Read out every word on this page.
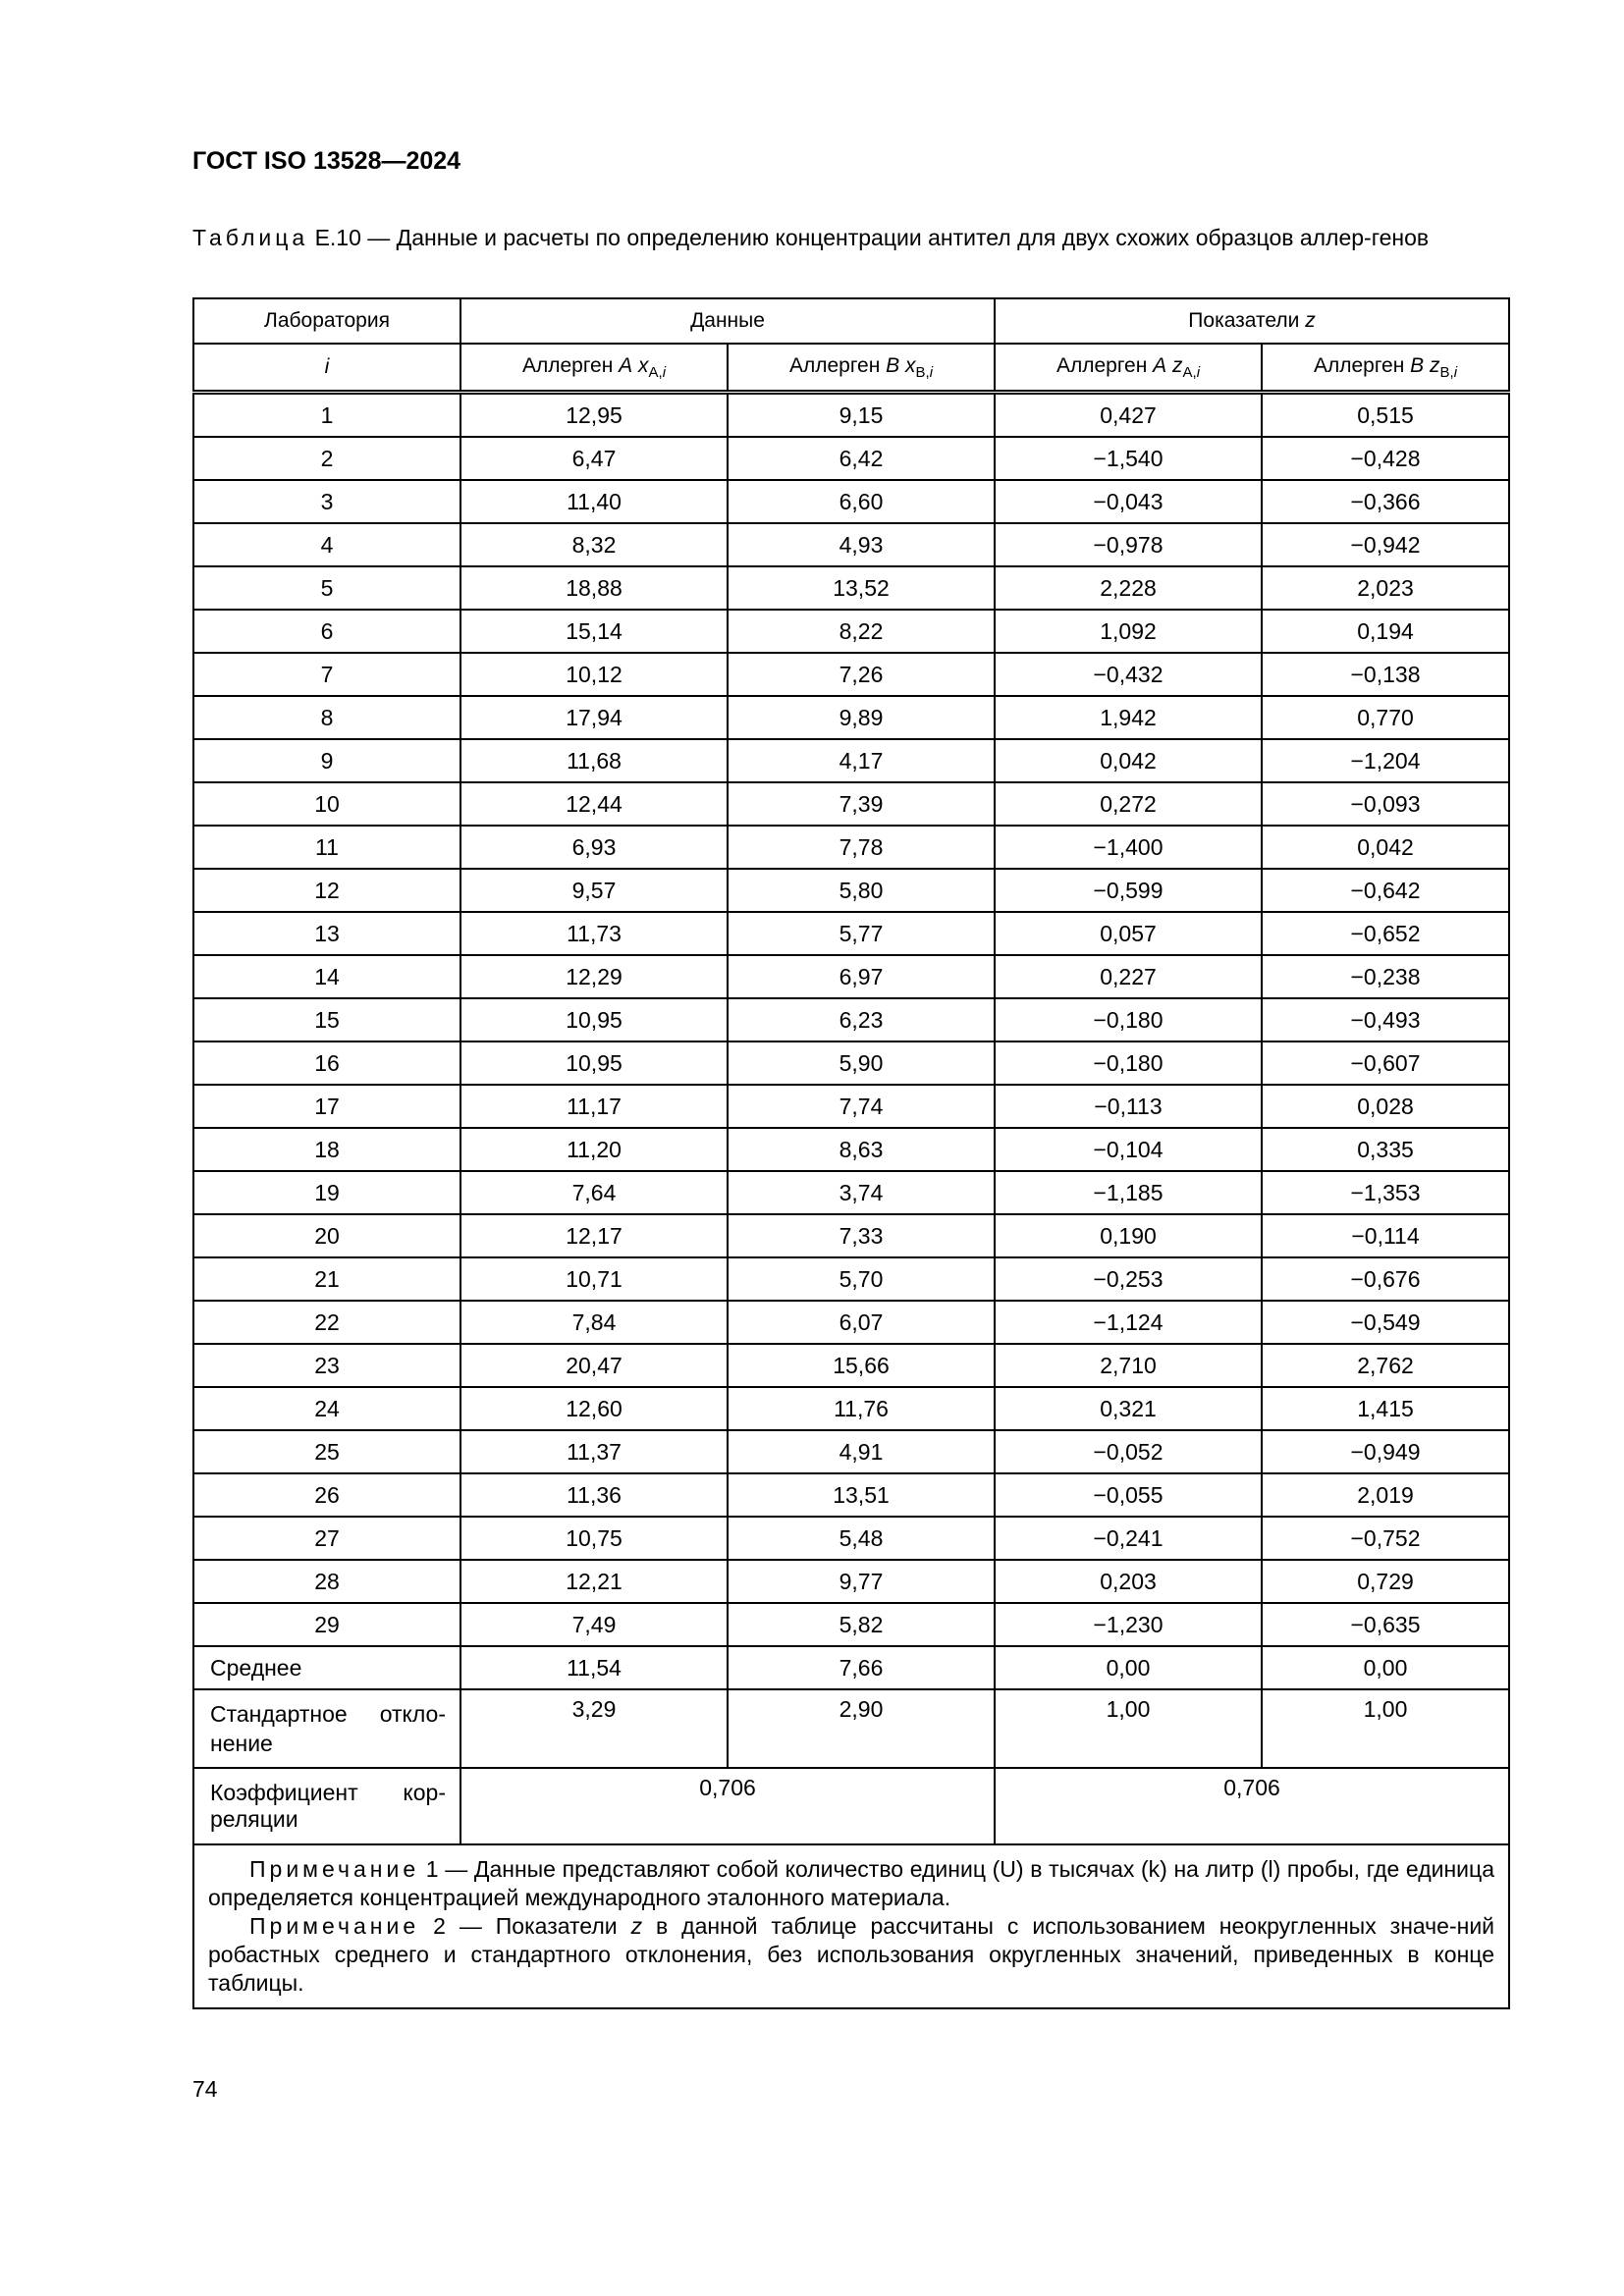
ГОСТ ISO 13528—2024
Таблица Е.10 — Данные и расчеты по определению концентрации антител для двух схожих образцов аллер-генов
Лаборатория	Данные		Показатели z	
i	Аллерген A $x_{A,i}$	Аллерген B $x_{B,i}$	Аллерген A $z_{A,i}$	Аллерген B $z_{B,i}$
1	12,95	9,15	0,427	0,515
2	6,47	6,42	−1,540	−0,428
3	11,40	6,60	−0,043	−0,366
4	8,32	4,93	−0,978	−0,942
5	18,88	13,52	2,228	2,023
6	15,14	8,22	1,092	0,194
7	10,12	7,26	−0,432	−0,138
8	17,94	9,89	1,942	0,770
9	11,68	4,17	0,042	−1,204
10	12,44	7,39	0,272	−0,093
11	6,93	7,78	−1,400	0,042
12	9,57	5,80	−0,599	−0,642
13	11,73	5,77	0,057	−0,652
14	12,29	6,97	0,227	−0,238
15	10,95	6,23	−0,180	−0,493
16	10,95	5,90	−0,180	−0,607
17	11,17	7,74	−0,113	0,028
18	11,20	8,63	−0,104	0,335
19	7,64	3,74	−1,185	−1,353
20	12,17	7,33	0,190	−0,114
21	10,71	5,70	−0,253	−0,676
22	7,84	6,07	−1,124	−0,549
23	20,47	15,66	2,710	2,762
24	12,60	11,76	0,321	1,415
25	11,37	4,91	−0,052	−0,949
26	11,36	13,51	−0,055	2,019
27	10,75	5,48	−0,241	−0,752
28	12,21	9,77	0,203	0,729
29	7,49	5,82	−1,230	−0,635
Среднее	11,54	7,66	0,00	0,00

Стандартное откло-
нение	3,29	2,90	1,00	1,00

Коэффициент кор-
реляции	0,706		0,706	

Примечание 1 — Данные представляют собой количество единиц (U) в тысячах (k) на литр (l) пробы, где единица определяется концентрацией международного эталонного материала.
Примечание 2 — Показатели z в данной таблице рассчитаны с использованием неокругленных значе-ний робастных среднего и стандартного отклонения, без использования округленных значений, приведенных в конце таблицы.				
74
